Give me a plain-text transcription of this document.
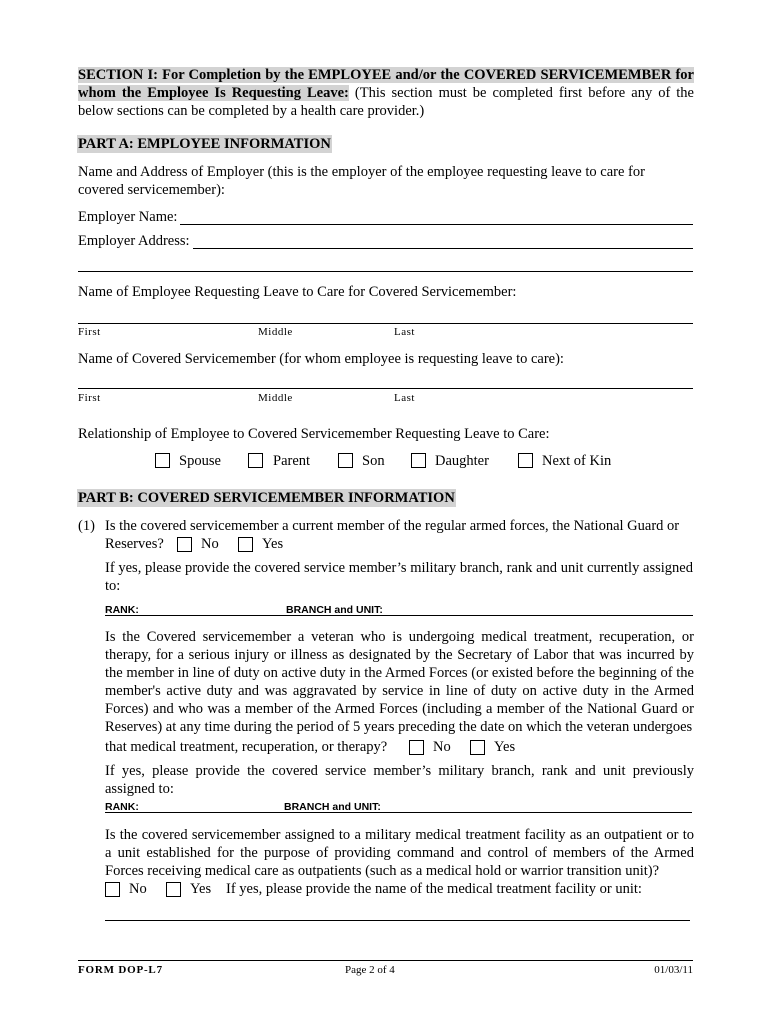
SECTION I: For Completion by the EMPLOYEE and/or the COVERED SERVICEMEMBER for whom the Employee Is Requesting Leave: (This section must be completed first before any of the below sections can be completed by a health care provider.)
PART A: EMPLOYEE INFORMATION
Name and Address of Employer (this is the employer of the employee requesting leave to care for covered servicemember):
Employer Name:
Employer Address:
Name of Employee Requesting Leave to Care for Covered Servicemember:
First	Middle	Last
Name of Covered Servicemember (for whom employee is requesting leave to care):
First	Middle	Last
Relationship of Employee to Covered Servicemember Requesting Leave to Care:
Spouse	Parent	Son	Daughter	Next of Kin
PART B: COVERED SERVICEMEMBER INFORMATION
(1) Is the covered servicemember a current member of the regular armed forces, the National Guard or
Reserves?	No	Yes
If yes, please provide the covered service member’s military branch, rank and unit currently assigned to:
RANK:	BRANCH and UNIT:
Is the Covered servicemember a veteran who is undergoing medical treatment, recuperation, or therapy, for a serious injury or illness as designated by the Secretary of Labor that was incurred by the member in line of duty on active duty in the Armed Forces (or existed before the beginning of the member's active duty and was aggravated by service in line of duty on active duty in the Armed Forces) and who was a member of the Armed Forces (including a member of the National Guard or Reserves) at any time during the period of 5 years preceding the date on which the veteran undergoes
that medical treatment, recuperation, or therapy?	No	Yes
If yes, please provide the covered service member’s military branch, rank and unit previously assigned to:
RANK:	BRANCH and UNIT:
Is the covered servicemember assigned to a military medical treatment facility as an outpatient or to a unit established for the purpose of providing command and control of members of the Armed Forces receiving medical care as outpatients (such as a medical hold or warrior transition unit)?
No	Yes If yes, please provide the name of the medical treatment facility or unit:
FORM DOP-L7	Page 2 of 4	01/03/11
